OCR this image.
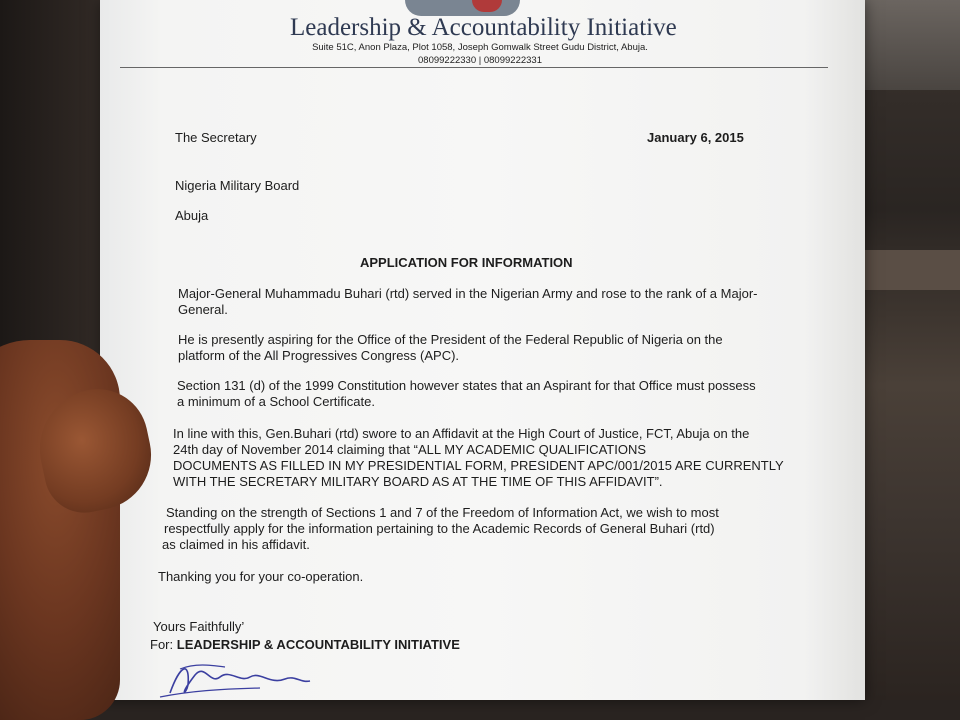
Leadership & Accountability Initiative
Suite 51C, Anon Plaza, Plot 1058, Joseph Gomwalk Street Gudu District, Abuja.
08099222330 | 08099222331
The Secretary	January 6, 2015
Nigeria Military Board
Abuja
APPLICATION FOR INFORMATION
Major-General Muhammadu Buhari (rtd) served in the Nigerian Army and rose to the rank of a Major-
General.
He is presently aspiring for the Office of the President of the Federal Republic of Nigeria on the
platform of the All Progressives Congress (APC).
Section 131 (d) of the 1999 Constitution however states that an Aspirant for that Office must possess
a minimum of a School Certificate.
In line with this, Gen.Buhari (rtd) swore to an Affidavit at the High Court of Justice, FCT, Abuja on the
24th day of November 2014 claiming that “ALL MY ACADEMIC QUALIFICATIONS
DOCUMENTS AS FILLED IN MY PRESIDENTIAL FORM, PRESIDENT APC/001/2015 ARE CURRENTLY
WITH THE SECRETARY MILITARY BOARD AS AT THE TIME OF THIS AFFIDAVIT”.
Standing on the strength of Sections 1 and 7 of the Freedom of Information Act, we wish to most
respectfully apply for the information pertaining to the Academic Records of General Buhari (rtd)
as claimed in his affidavit.
Thanking you for your co-operation.
Yours Faithfully’
For: LEADERSHIP & ACCOUNTABILITY INITIATIVE
